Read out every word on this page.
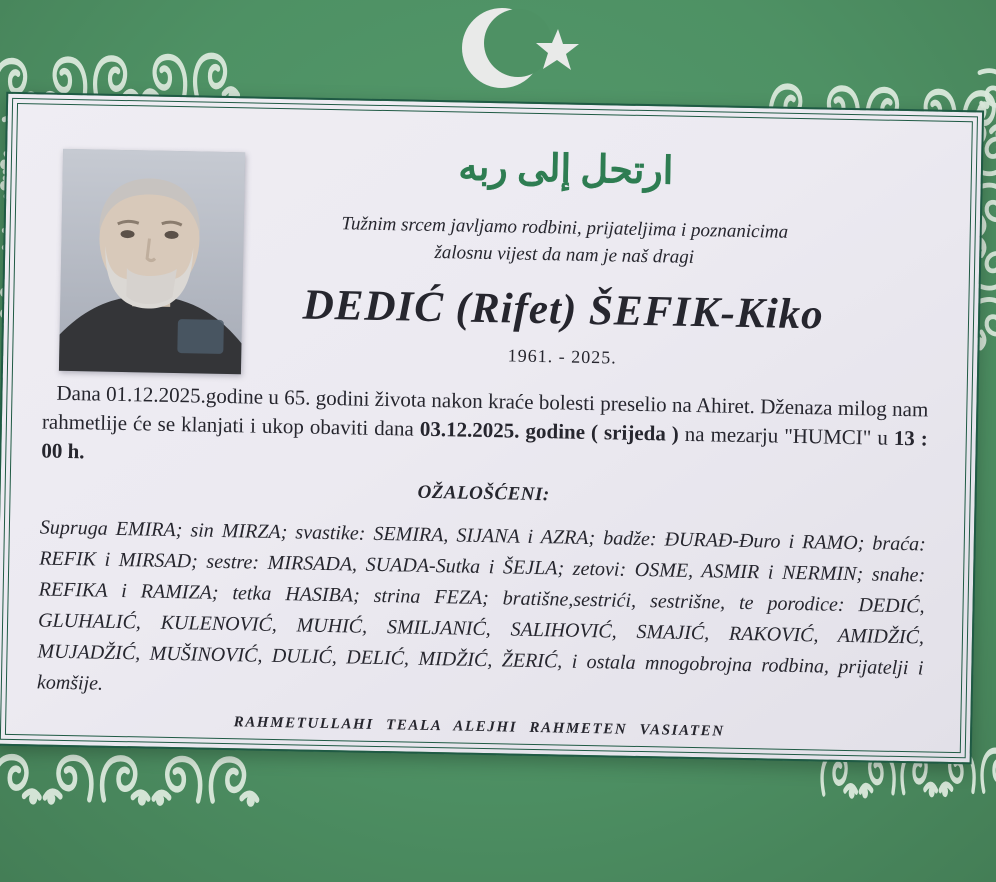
ارتحل إلى ربه
Tužnim srcem javljamo rodbini, prijateljima i poznanicima
žalosnu vijest da nam je naš dragi
DEDIĆ (Rifet) ŠEFIK-Kiko
1961. - 2025.

Dana 01.12.2025.godine u 65. godini života nakon kraće bolesti preselio na Ahiret. Dženaza milog nam rahmetlije će se klanjati i ukop obaviti dana 03.12.2025. godine ( srijeda ) na mezarju "HUMCI" u 13 : 00 h.

OŽALOŠĆENI:

Supruga EMIRA; sin MIRZA; svastike: SEMIRA, SIJANA i AZRA; badže: ĐURAĐ-Đuro i RAMO; braća: REFIK i MIRSAD; sestre: MIRSADA, SUADA-Sutka i ŠEJLA; zetovi: OSME, ASMIR i NERMIN; snahe: REFIKA i RAMIZA; tetka HASIBA; strina FEZA; bratišne,sestrići, sestrišne, te porodice: DEDIĆ, GLUHALIĆ, KULENOVIĆ, MUHIĆ, SMILJANIĆ, SALIHOVIĆ, SMAJIĆ, RAKOVIĆ, AMIDŽIĆ, MUJADŽIĆ, MUŠINOVIĆ, DULIĆ, DELIĆ, MIDŽIĆ, ŽERIĆ, i ostala mnogobrojna rodbina, prijatelji i komšije.

RAHMETULLAHI TEALA ALEJHI RAHMETEN VASIATEN
